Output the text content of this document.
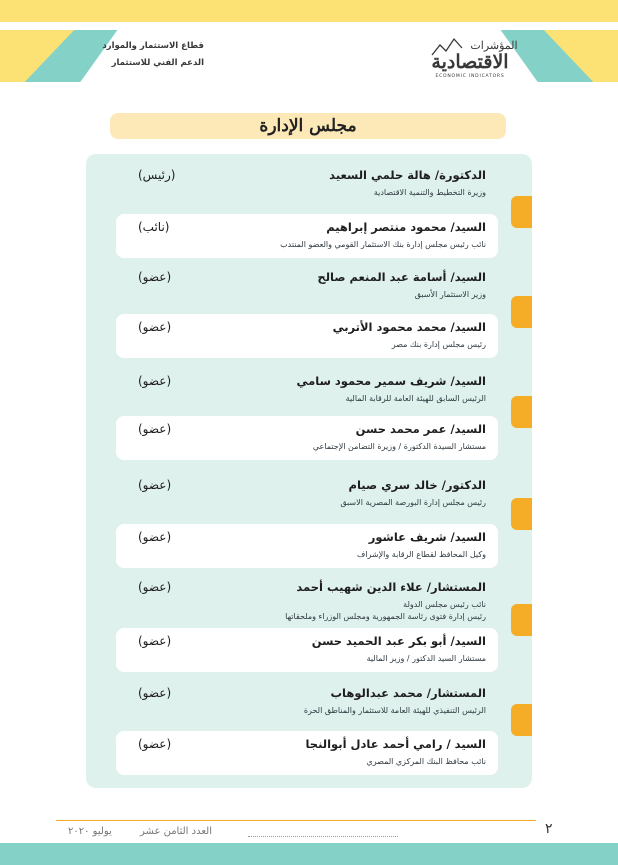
قطاع الاستثمار والموارد
الدعم الفني للاستثمار
المؤشرات
الاقتصادية
ECONOMIC INDICATORS
مجلس الإدارة
الدكتورة/ هالة حلمي السعيد
(رئيس)
وزيرة التخطيط والتنمية الاقتصادية
السيد/ محمود منتصر إبراهيم
(نائب)
نائب رئيس مجلس إدارة بنك الاستثمار القومي والعضو المنتدب
السيد/ أسامة عبد المنعم صالح
(عضو)
وزير الاستثمار الأسبق
السيد/ محمد محمود الأتربي
(عضو)
رئيس مجلس إدارة بنك مصر
السيد/ شريف سمير محمود سامي
(عضو)
الرئيس السابق للهيئة العامة للرقابة المالية
السيد/ عمر محمد حسن
(عضو)
مستشار السيدة الدكتورة / وزيرة التضامن الإجتماعي
الدكتور/ خالد سري صيام
(عضو)
رئيس مجلس إدارة البورصة المصرية الاسبق
السيد/ شريف عاشور
(عضو)
وكيل المحافظ لقطاع الرقابة والإشراف
المستشار/ علاء الدين شهيب أحمد
(عضو)
نائب رئيس مجلس الدولة
رئيس إدارة فتوى رئاسة الجمهورية ومجلس الوزراء وملحقاتها
السيد/ أبو بكر عبد الحميد حسن
(عضو)
مستشار السيد الدكتور / وزير المالية
المستشار/ محمد عبدالوهاب
(عضو)
الرئيس التنفيذي للهيئة العامة للاستثمار والمناطق الحرة
السيد / رامي أحمد عادل أبوالنجا
(عضو)
نائب محافظ البنك المركزي المصري
العدد الثامن عشر
يوليو ٢٠٢٠	٢
